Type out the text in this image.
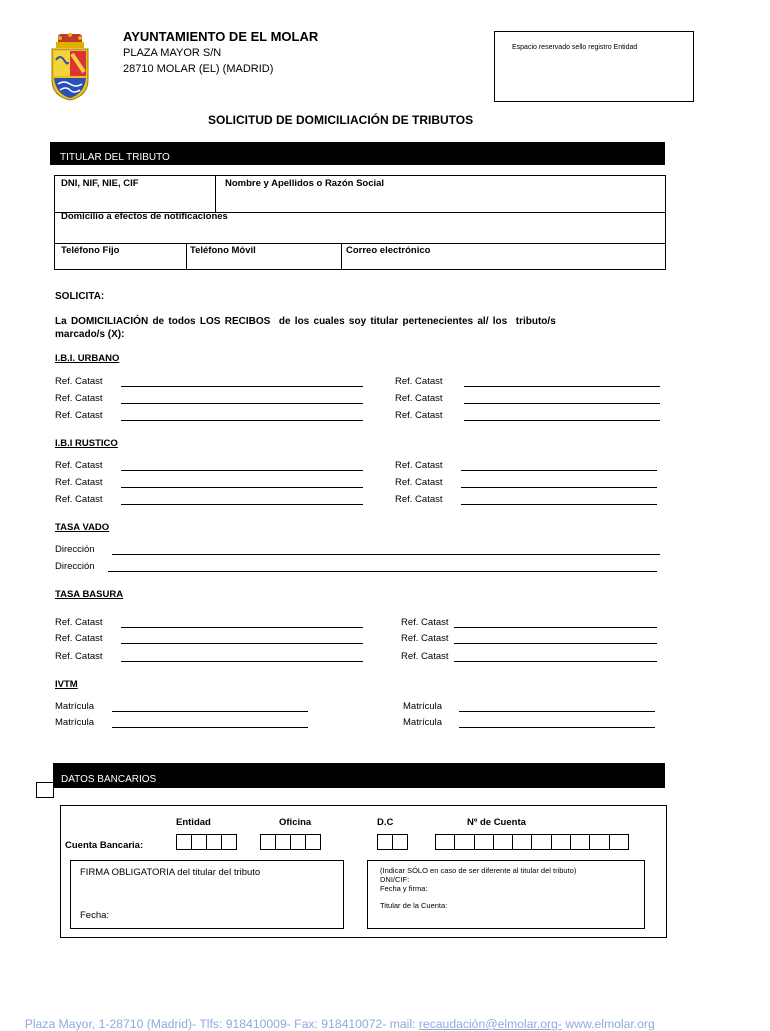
AYUNTAMIENTO DE EL MOLAR
PLAZA MAYOR S/N
28710 MOLAR (EL) (MADRID)
Espacio reservado sello registro Entidad
SOLICITUD DE DOMICILIACIÓN DE TRIBUTOS
TITULAR DEL TRIBUTO
DNI, NIF, NIE, CIF	Nombre y Apellidos o Razón Social
Domicilio a efectos de notificaciones
Teléfono Fijo	Teléfono Móvil	Correo electrónico
SOLICITA:
La DOMICILIACIÓN de todos LOS RECIBOS  de los cuales soy titular pertenecientes al/ los  tributo/s
marcado/s (X):
I.B.I. URBANO
Ref. Catast
Ref. Catast
Ref. Catast
Ref. Catast
Ref. Catast
Ref. Catast
I.B.I RUSTICO
Ref. Catast
Ref. Catast
Ref. Catast
Ref. Catast
Ref. Catast
Ref. Catast
TASA VADO
Dirección
Dirección
TASA BASURA
Ref. Catast
Ref. Catast
Ref. Catast
Ref. Catast
Ref. Catast
Ref. Catast
IVTM
Matrícula
Matrícula
Matrícula
Matrícula
DATOS BANCARIOS
Entidad	Oficina	D.C	Nº de Cuenta
Cuenta Bancaria:
FIRMA OBLIGATORIA del titular del tributo
Fecha:
(Indicar SÓLO en caso de ser diferente al titular del tributo)
DNI/CIF:
Fecha y firma:
Titular de la Cuenta:

Plaza Mayor, 1-28710 (Madrid)- Tlfs: 918410009- Fax: 918410072- mail: recaudación@elmolar.org- www.elmolar.org
